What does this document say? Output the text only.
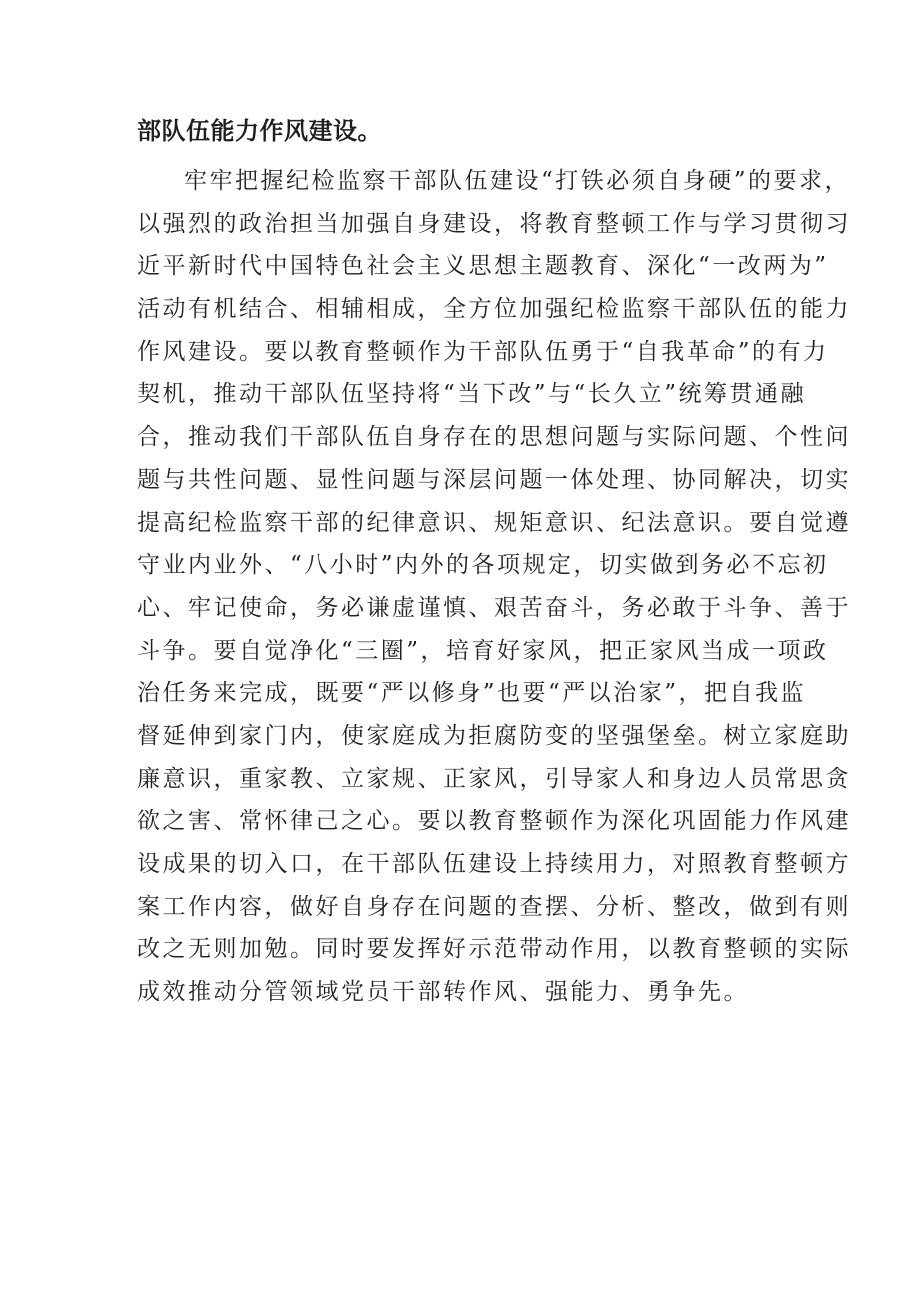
部队伍能力作风建设。
牢牢把握纪检监察干部队伍建设“打铁必须自身硬”的要求，
以强烈的政治担当加强自身建设，将教育整顿工作与学习贯彻习
近平新时代中国特色社会主义思想主题教育、深化“一改两为”
活动有机结合、相辅相成，全方位加强纪检监察干部队伍的能力
作风建设。要以教育整顿作为干部队伍勇于“自我革命”的有力
契机，推动干部队伍坚持将“当下改”与“长久立”统筹贯通融
合，推动我们干部队伍自身存在的思想问题与实际问题、个性问
题与共性问题、显性问题与深层问题一体处理、协同解决，切实
提高纪检监察干部的纪律意识、规矩意识、纪法意识。要自觉遵
守业内业外、“八小时”内外的各项规定，切实做到务必不忘初
心、牢记使命，务必谦虚谨慎、艰苦奋斗，务必敢于斗争、善于
斗争。要自觉净化“三圈”，培育好家风，把正家风当成一项政
治任务来完成，既要“严以修身”也要“严以治家”，把自我监
督延伸到家门内，使家庭成为拒腐防变的坚强堡垒。树立家庭助
廉意识，重家教、立家规、正家风，引导家人和身边人员常思贪
欲之害、常怀律己之心。要以教育整顿作为深化巩固能力作风建
设成果的切入口，在干部队伍建设上持续用力，对照教育整顿方
案工作内容，做好自身存在问题的查摆、分析、整改，做到有则
改之无则加勉。同时要发挥好示范带动作用，以教育整顿的实际
成效推动分管领域党员干部转作风、强能力、勇争先。
